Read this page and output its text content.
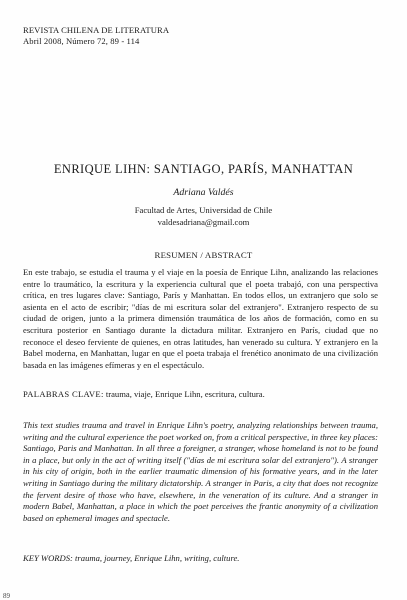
REVISTA CHILENA DE LITERATURA
Abril 2008, Número 72, 89 - 114
ENRIQUE LIHN: SANTIAGO, PARÍS, MANHATTAN
Adriana Valdés
Facultad de Artes, Universidad de Chile
valdesadriana@gmail.com
RESUMEN / ABSTRACT
En este trabajo, se estudia el trauma y el viaje en la poesía de Enrique Lihn, analizando las relaciones entre lo traumático, la escritura y la experiencia cultural que el poeta trabajó, con una perspectiva crítica, en tres lugares clave: Santiago, París y Manhattan. En todos ellos, un extranjero que solo se asienta en el acto de escribir; "días de mi escritura solar del extranjero". Extranjero respecto de su ciudad de origen, junto a la primera dimensión traumática de los años de formación, como en su escritura posterior en Santiago durante la dictadura militar. Extranjero en París, ciudad que no reconoce el deseo ferviente de quienes, en otras latitudes, han venerado su cultura. Y extranjero en la Babel moderna, en Manhattan, lugar en que el poeta trabaja el frenético anonimato de una civilización basada en las imágenes efímeras y en el espectáculo.
PALABRAS CLAVE: trauma, viaje, Enrique Lihn, escritura, cultura.
This text studies trauma and travel in Enrique Lihn's poetry, analyzing relationships between trauma, writing and the cultural experience the poet worked on, from a critical perspective, in three key places: Santiago, Paris and Manhattan. In all three a foreigner, a stranger, whose homeland is not to be found in a place, but only in the act of writing itself ("días de mi escritura solar del extranjero"). A stranger in his city of origin, both in the earlier traumatic dimension of his formative years, and in the later writing in Santiago during the military dictatorship. A stranger in Paris, a city that does not recognize the fervent desire of those who have, elsewhere, in the veneration of its culture. And a stranger in modern Babel, Manhattan, a place in which the poet perceives the frantic anonymity of a civilization based on ephemeral images and spectacle.
KEY WORDS: trauma, journey, Enrique Lihn, writing, culture.
89
